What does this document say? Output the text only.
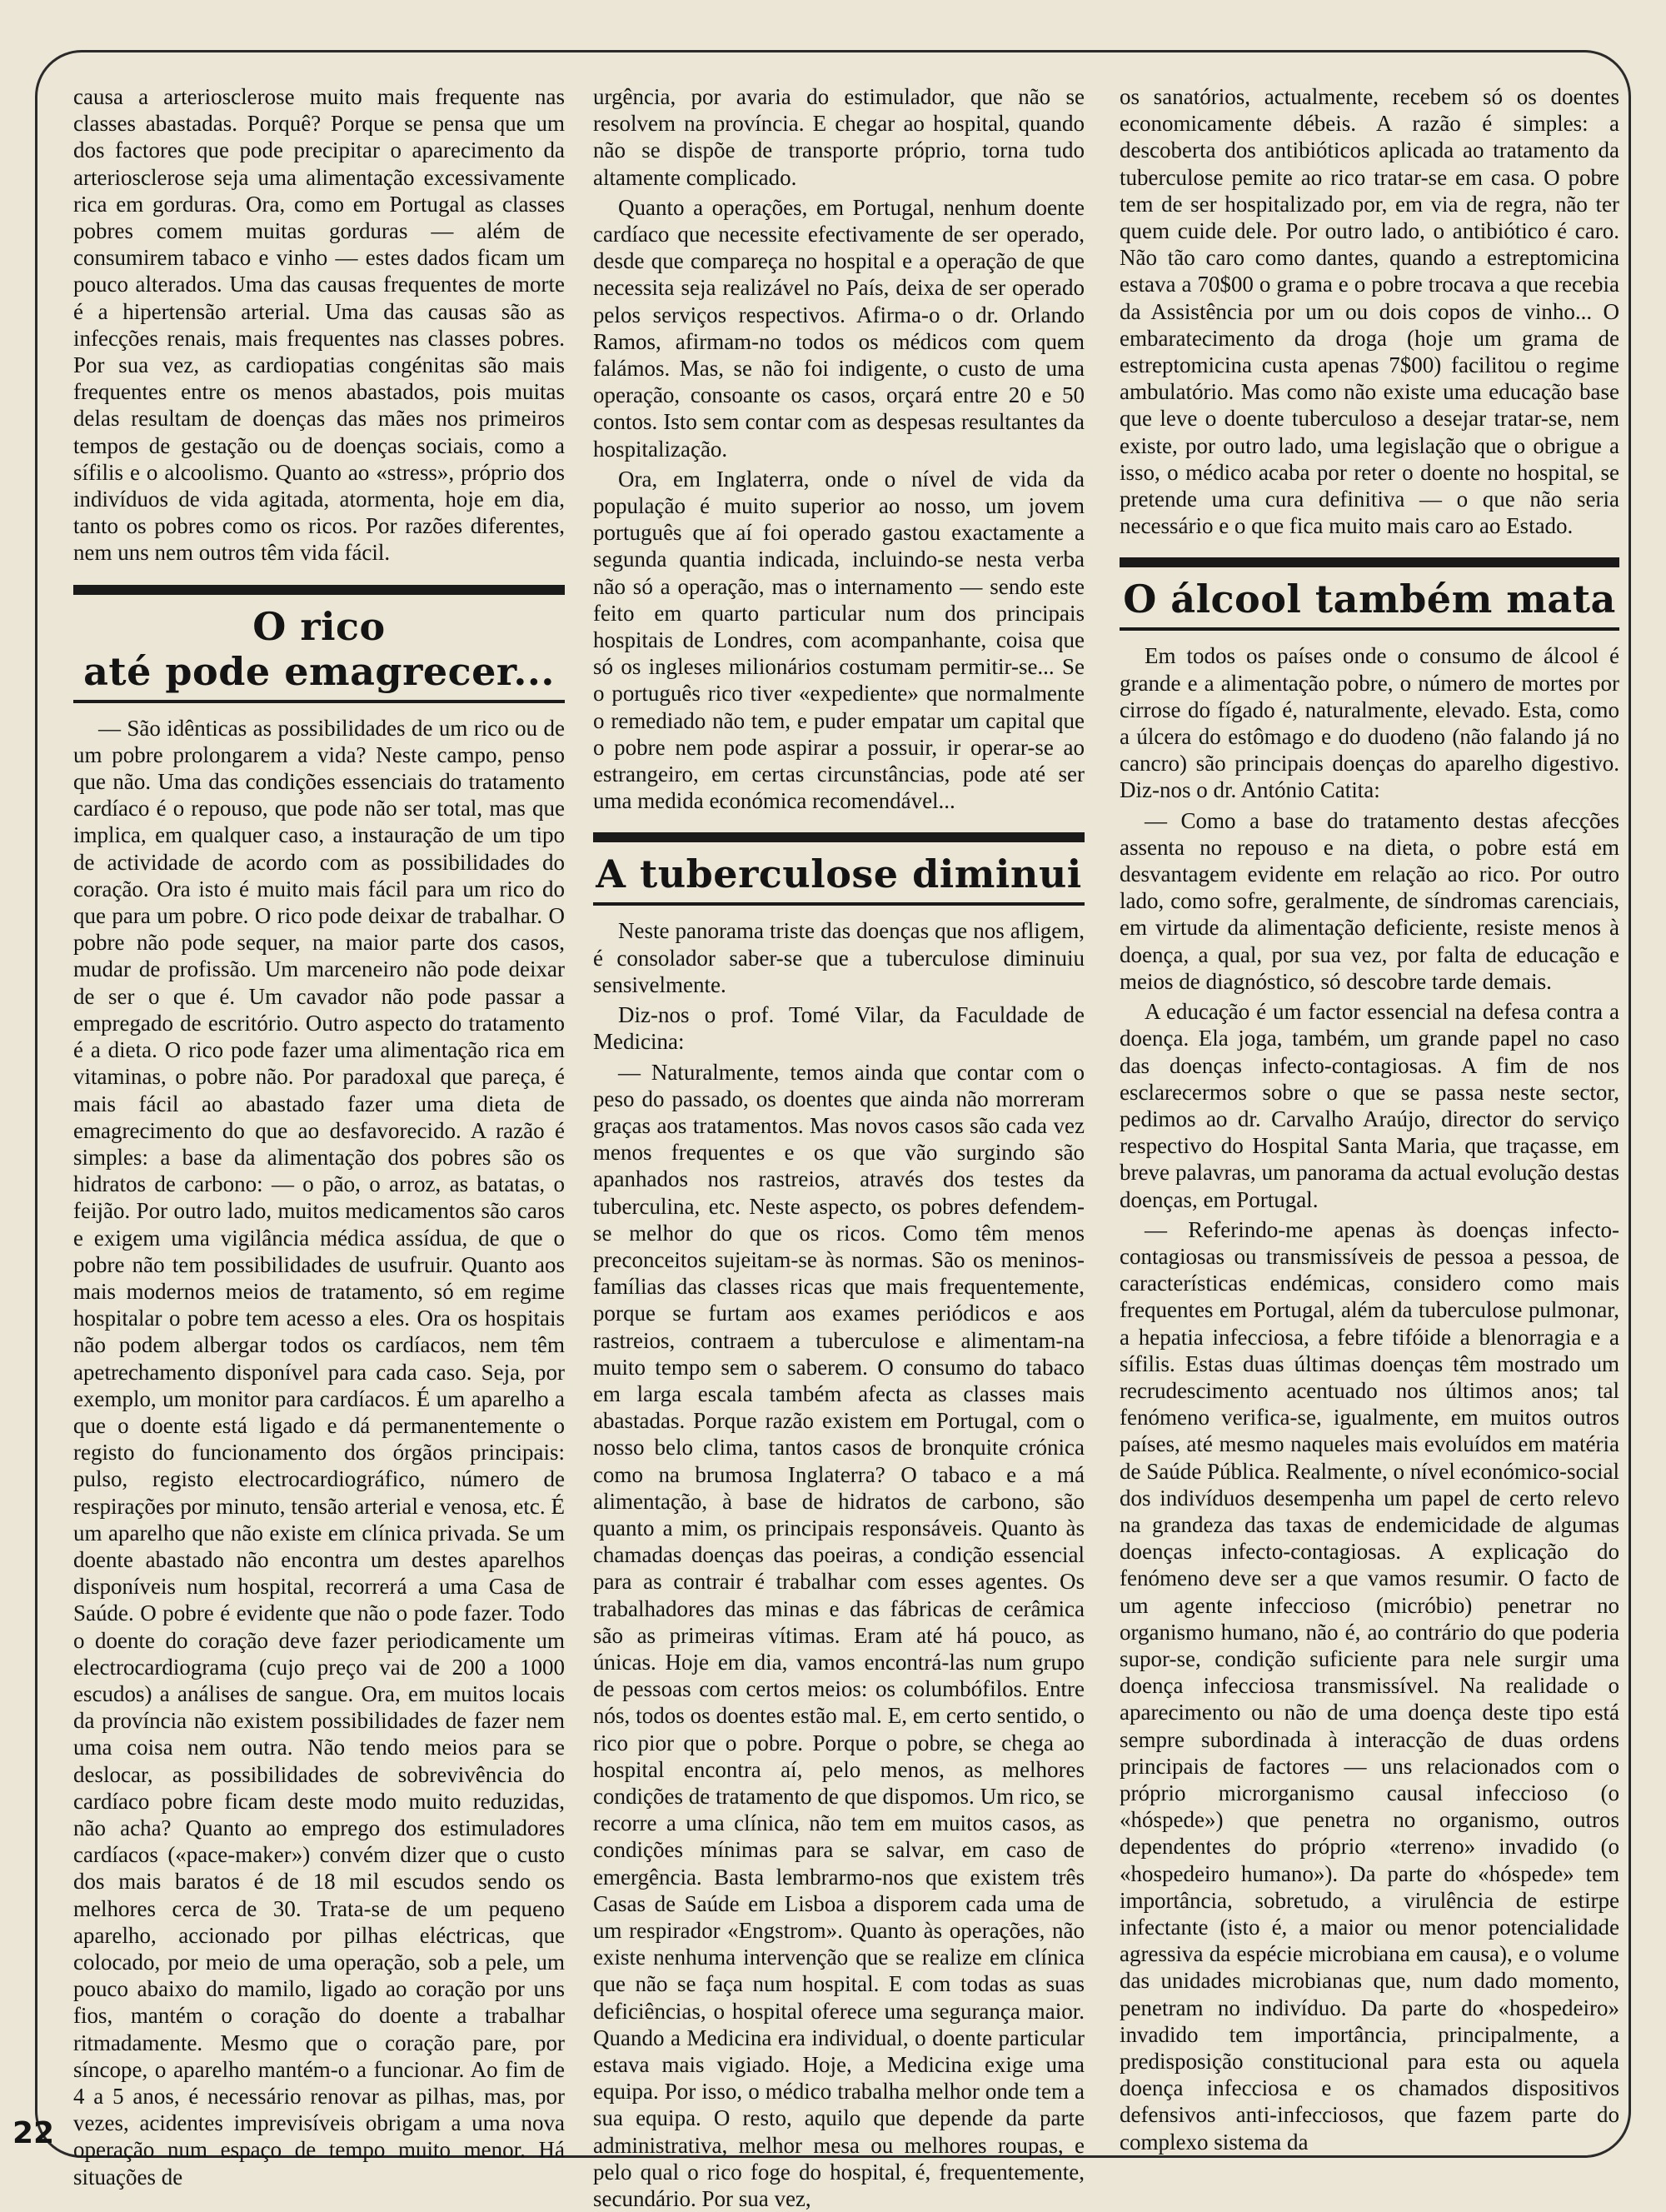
causa a arteriosclerose muito mais frequente nas classes abastadas. Porquê? Porque se pensa que um dos factores que pode precipitar o aparecimento da arteriosclerose seja uma alimentação excessivamente rica em gorduras. Ora, como em Portugal as classes pobres comem muitas gorduras — além de consumirem tabaco e vinho — estes dados ficam um pouco alterados. Uma das causas frequentes de morte é a hipertensão arterial. Uma das causas são as infecções renais, mais frequentes nas classes pobres. Por sua vez, as cardiopatias congénitas são mais frequentes entre os menos abastados, pois muitas delas resultam de doenças das mães nos primeiros tempos de gestação ou de doenças sociais, como a sífilis e o alcoolismo. Quanto ao «stress», próprio dos indivíduos de vida agitada, atormenta, hoje em dia, tanto os pobres como os ricos. Por razões diferentes, nem uns nem outros têm vida fácil.

O rico
até pode emagrecer...

— São idênticas as possibilidades de um rico ou de um pobre prolongarem a vida? Neste campo, penso que não. Uma das condições essenciais do tratamento cardíaco é o repouso, que pode não ser total, mas que implica, em qualquer caso, a instauração de um tipo de actividade de acordo com as possibilidades do coração. Ora isto é muito mais fácil para um rico do que para um pobre. O rico pode deixar de trabalhar. O pobre não pode sequer, na maior parte dos casos, mudar de profissão. Um marceneiro não pode deixar de ser o que é. Um cavador não pode passar a empregado de escritório. Outro aspecto do tratamento é a dieta. O rico pode fazer uma alimentação rica em vitaminas, o pobre não. Por paradoxal que pareça, é mais fácil ao abastado fazer uma dieta de emagrecimento do que ao desfavorecido. A razão é simples: a base da alimentação dos pobres são os hidratos de carbono: — o pão, o arroz, as batatas, o feijão. Por outro lado, muitos medicamentos são caros e exigem uma vigilância médica assídua, de que o pobre não tem possibilidades de usufruir. Quanto aos mais modernos meios de tratamento, só em regime hospitalar o pobre tem acesso a eles. Ora os hospitais não podem albergar todos os cardíacos, nem têm apetrechamento disponível para cada caso. Seja, por exemplo, um monitor para cardíacos. É um aparelho a que o doente está ligado e dá permanentemente o registo do funcionamento dos órgãos principais: pulso, registo electrocardiográfico, número de respirações por minuto, tensão arterial e venosa, etc. É um aparelho que não existe em clínica privada. Se um doente abastado não encontra um destes aparelhos disponíveis num hospital, recorrerá a uma Casa de Saúde. O pobre é evidente que não o pode fazer. Todo o doente do coração deve fazer periodicamente um electrocardiograma (cujo preço vai de 200 a 1000 escudos) a análises de sangue. Ora, em muitos locais da província não existem possibilidades de fazer nem uma coisa nem outra. Não tendo meios para se deslocar, as possibilidades de sobrevivência do cardíaco pobre ficam deste modo muito reduzidas, não acha? Quanto ao emprego dos estimuladores cardíacos («pace-maker») convém dizer que o custo dos mais baratos é de 18 mil escudos sendo os melhores cerca de 30. Trata-se de um pequeno aparelho, accionado por pilhas eléctricas, que colocado, por meio de uma operação, sob a pele, um pouco abaixo do mamilo, ligado ao coração por uns fios, mantém o coração do doente a trabalhar ritmadamente. Mesmo que o coração pare, por síncope, o aparelho mantém-o a funcionar. Ao fim de 4 a 5 anos, é necessário renovar as pilhas, mas, por vezes, acidentes imprevisíveis obrigam a uma nova operação num espaço de tempo muito menor. Há situações de

urgência, por avaria do estimulador, que não se resolvem na província. E chegar ao hospital, quando não se dispõe de transporte próprio, torna tudo altamente complicado.

Quanto a operações, em Portugal, nenhum doente cardíaco que necessite efectivamente de ser operado, desde que compareça no hospital e a operação de que necessita seja realizável no País, deixa de ser operado pelos serviços respectivos. Afirma-o o dr. Orlando Ramos, afirmam-no todos os médicos com quem falámos. Mas, se não foi indigente, o custo de uma operação, consoante os casos, orçará entre 20 e 50 contos. Isto sem contar com as despesas resultantes da hospitalização.

Ora, em Inglaterra, onde o nível de vida da população é muito superior ao nosso, um jovem português que aí foi operado gastou exactamente a segunda quantia indicada, incluindo-se nesta verba não só a operação, mas o internamento — sendo este feito em quarto particular num dos principais hospitais de Londres, com acompanhante, coisa que só os ingleses milionários costumam permitir-se... Se o português rico tiver «expediente» que normalmente o remediado não tem, e puder empatar um capital que o pobre nem pode aspirar a possuir, ir operar-se ao estrangeiro, em certas circunstâncias, pode até ser uma medida económica recomendável...

A tuberculose diminui

Neste panorama triste das doenças que nos afligem, é consolador saber-se que a tuberculose diminuiu sensivelmente.

Diz-nos o prof. Tomé Vilar, da Faculdade de Medicina:

— Naturalmente, temos ainda que contar com o peso do passado, os doentes que ainda não morreram graças aos tratamentos. Mas novos casos são cada vez menos frequentes e os que vão surgindo são apanhados nos rastreios, através dos testes da tuberculina, etc. Neste aspecto, os pobres defendem-se melhor do que os ricos. Como têm menos preconceitos sujeitam-se às normas. São os meninos-famílias das classes ricas que mais frequentemente, porque se furtam aos exames periódicos e aos rastreios, contraem a tuberculose e alimentam-na muito tempo sem o saberem. O consumo do tabaco em larga escala também afecta as classes mais abastadas. Porque razão existem em Portugal, com o nosso belo clima, tantos casos de bronquite crónica como na brumosa Inglaterra? O tabaco e a má alimentação, à base de hidratos de carbono, são quanto a mim, os principais responsáveis. Quanto às chamadas doenças das poeiras, a condição essencial para as contrair é trabalhar com esses agentes. Os trabalhadores das minas e das fábricas de cerâmica são as primeiras vítimas. Eram até há pouco, as únicas. Hoje em dia, vamos encontrá-las num grupo de pessoas com certos meios: os columbófilos. Entre nós, todos os doentes estão mal. E, em certo sentido, o rico pior que o pobre. Porque o pobre, se chega ao hospital encontra aí, pelo menos, as melhores condições de tratamento de que dispomos. Um rico, se recorre a uma clínica, não tem em muitos casos, as condições mínimas para se salvar, em caso de emergência. Basta lembrarmo-nos que existem três Casas de Saúde em Lisboa a disporem cada uma de um respirador «Engstrom». Quanto às operações, não existe nenhuma intervenção que se realize em clínica que não se faça num hospital. E com todas as suas deficiências, o hospital oferece uma segurança maior. Quando a Medicina era individual, o doente particular estava mais vigiado. Hoje, a Medicina exige uma equipa. Por isso, o médico trabalha melhor onde tem a sua equipa. O resto, aquilo que depende da parte administrativa, melhor mesa ou melhores roupas, e pelo qual o rico foge do hospital, é, frequentemente, secundário. Por sua vez,

os sanatórios, actualmente, recebem só os doentes economicamente débeis. A razão é simples: a descoberta dos antibióticos aplicada ao tratamento da tuberculose pemite ao rico tratar-se em casa. O pobre tem de ser hospitalizado por, em via de regra, não ter quem cuide dele. Por outro lado, o antibiótico é caro. Não tão caro como dantes, quando a estreptomicina estava a 70$00 o grama e o pobre trocava a que recebia da Assistência por um ou dois copos de vinho... O embaratecimento da droga (hoje um grama de estreptomicina custa apenas 7$00) facilitou o regime ambulatório. Mas como não existe uma educação base que leve o doente tuberculoso a desejar tratar-se, nem existe, por outro lado, uma legislação que o obrigue a isso, o médico acaba por reter o doente no hospital, se pretende uma cura definitiva — o que não seria necessário e o que fica muito mais caro ao Estado.

O álcool também mata

Em todos os países onde o consumo de álcool é grande e a alimentação pobre, o número de mortes por cirrose do fígado é, naturalmente, elevado. Esta, como a úlcera do estômago e do duodeno (não falando já no cancro) são principais doenças do aparelho digestivo. Diz-nos o dr. António Catita:

— Como a base do tratamento destas afecções assenta no repouso e na dieta, o pobre está em desvantagem evidente em relação ao rico. Por outro lado, como sofre, geralmente, de síndromas carenciais, em virtude da alimentação deficiente, resiste menos à doença, a qual, por sua vez, por falta de educação e meios de diagnóstico, só descobre tarde demais.

A educação é um factor essencial na defesa contra a doença. Ela joga, também, um grande papel no caso das doenças infecto-contagiosas. A fim de nos esclarecermos sobre o que se passa neste sector, pedimos ao dr. Carvalho Araújo, director do serviço respectivo do Hospital Santa Maria, que traçasse, em breve palavras, um panorama da actual evolução destas doenças, em Portugal.

— Referindo-me apenas às doenças infecto-contagiosas ou transmissíveis de pessoa a pessoa, de características endémicas, considero como mais frequentes em Portugal, além da tuberculose pulmonar, a hepatia infecciosa, a febre tifóide a blenorragia e a sífilis. Estas duas últimas doenças têm mostrado um recrudescimento acentuado nos últimos anos; tal fenómeno verifica-se, igualmente, em muitos outros países, até mesmo naqueles mais evoluídos em matéria de Saúde Pública. Realmente, o nível económico-social dos indivíduos desempenha um papel de certo relevo na grandeza das taxas de endemicidade de algumas doenças infecto-contagiosas. A explicação do fenómeno deve ser a que vamos resumir. O facto de um agente infeccioso (micróbio) penetrar no organismo humano, não é, ao contrário do que poderia supor-se, condição suficiente para nele surgir uma doença infecciosa transmissível. Na realidade o aparecimento ou não de uma doença deste tipo está sempre subordinada à interacção de duas ordens principais de factores — uns relacionados com o próprio microrganismo causal infeccioso (o «hóspede») que penetra no organismo, outros dependentes do próprio «terreno» invadido (o «hospedeiro humano»). Da parte do «hóspede» tem importância, sobretudo, a virulência de estirpe infectante (isto é, a maior ou menor potencialidade agressiva da espécie microbiana em causa), e o volume das unidades microbianas que, num dado momento, penetram no indivíduo. Da parte do «hospedeiro» invadido tem importância, principalmente, a predisposição constitucional para esta ou aquela doença infecciosa e os chamados dispositivos defensivos anti-infecciosos, que fazem parte do complexo sistema da

22
